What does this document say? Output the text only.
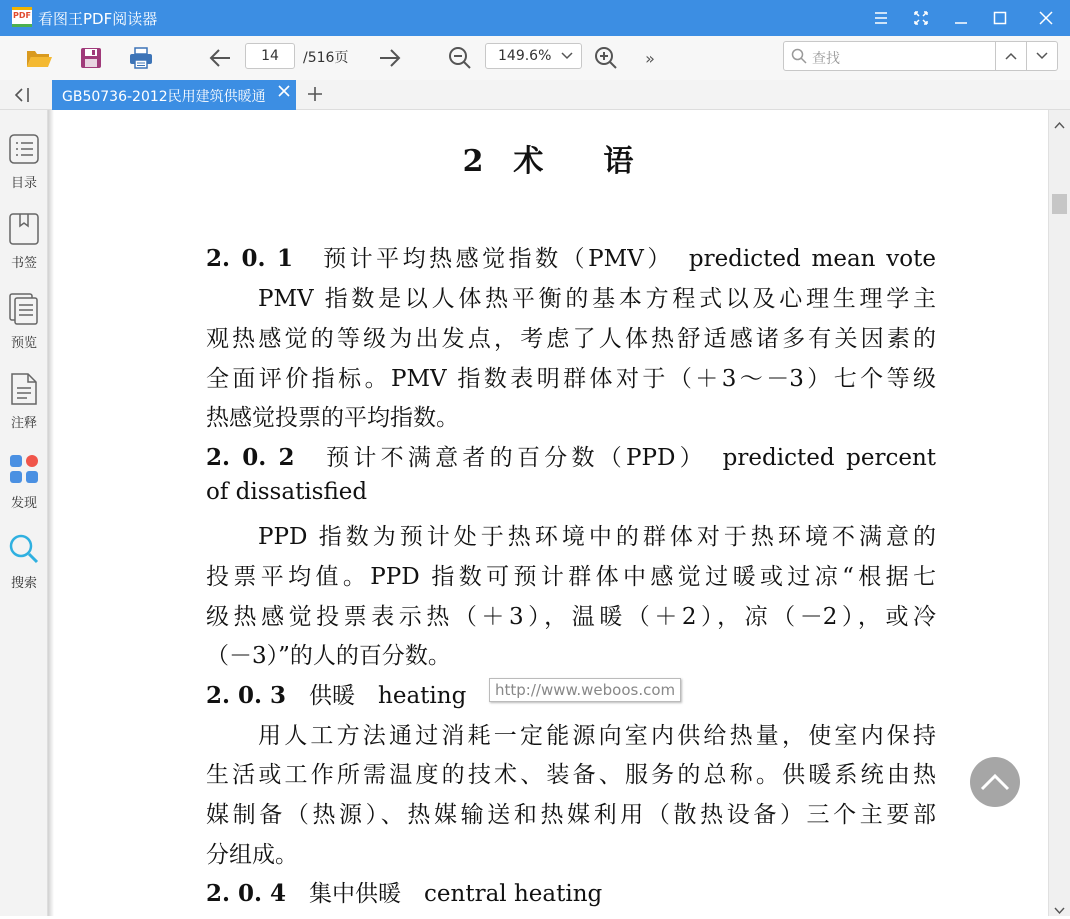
PDF 看图王PDF阅读器
»
14	/516页	149.6%	查找
GB50736-2012民用建筑供暖通
目录
书签
预览
注释
发现
搜索
2　术　　语
2. 0. 1　预计平均热感觉指数（PMV）　predicted mean vote
PMV 指数是以人体热平衡的基本方程式以及心理生理学主
观热感觉的等级为出发点，考虑了人体热舒适感诸多有关因素的
全面评价指标。PMV 指数表明群体对于（＋3～－3）七个等级
热感觉投票的平均指数。
2. 0. 2　预计不满意者的百分数（PPD）　predicted percent
of dissatisfied
PPD 指数为预计处于热环境中的群体对于热环境不满意的
投票平均值。PPD 指数可预计群体中感觉过暖或过凉“根据七
级热感觉投票表示热（＋3），温暖（＋2），凉（－2），或冷
（－3）”的人的百分数。
2. 0. 3　供暖　heating
用人工方法通过消耗一定能源向室内供给热量，使室内保持
生活或工作所需温度的技术、装备、服务的总称。供暖系统由热
媒制备（热源）、热媒输送和热媒利用（散热设备）三个主要部
分组成。
2. 0. 4　集中供暖　central heating
http://www.weboos.com
